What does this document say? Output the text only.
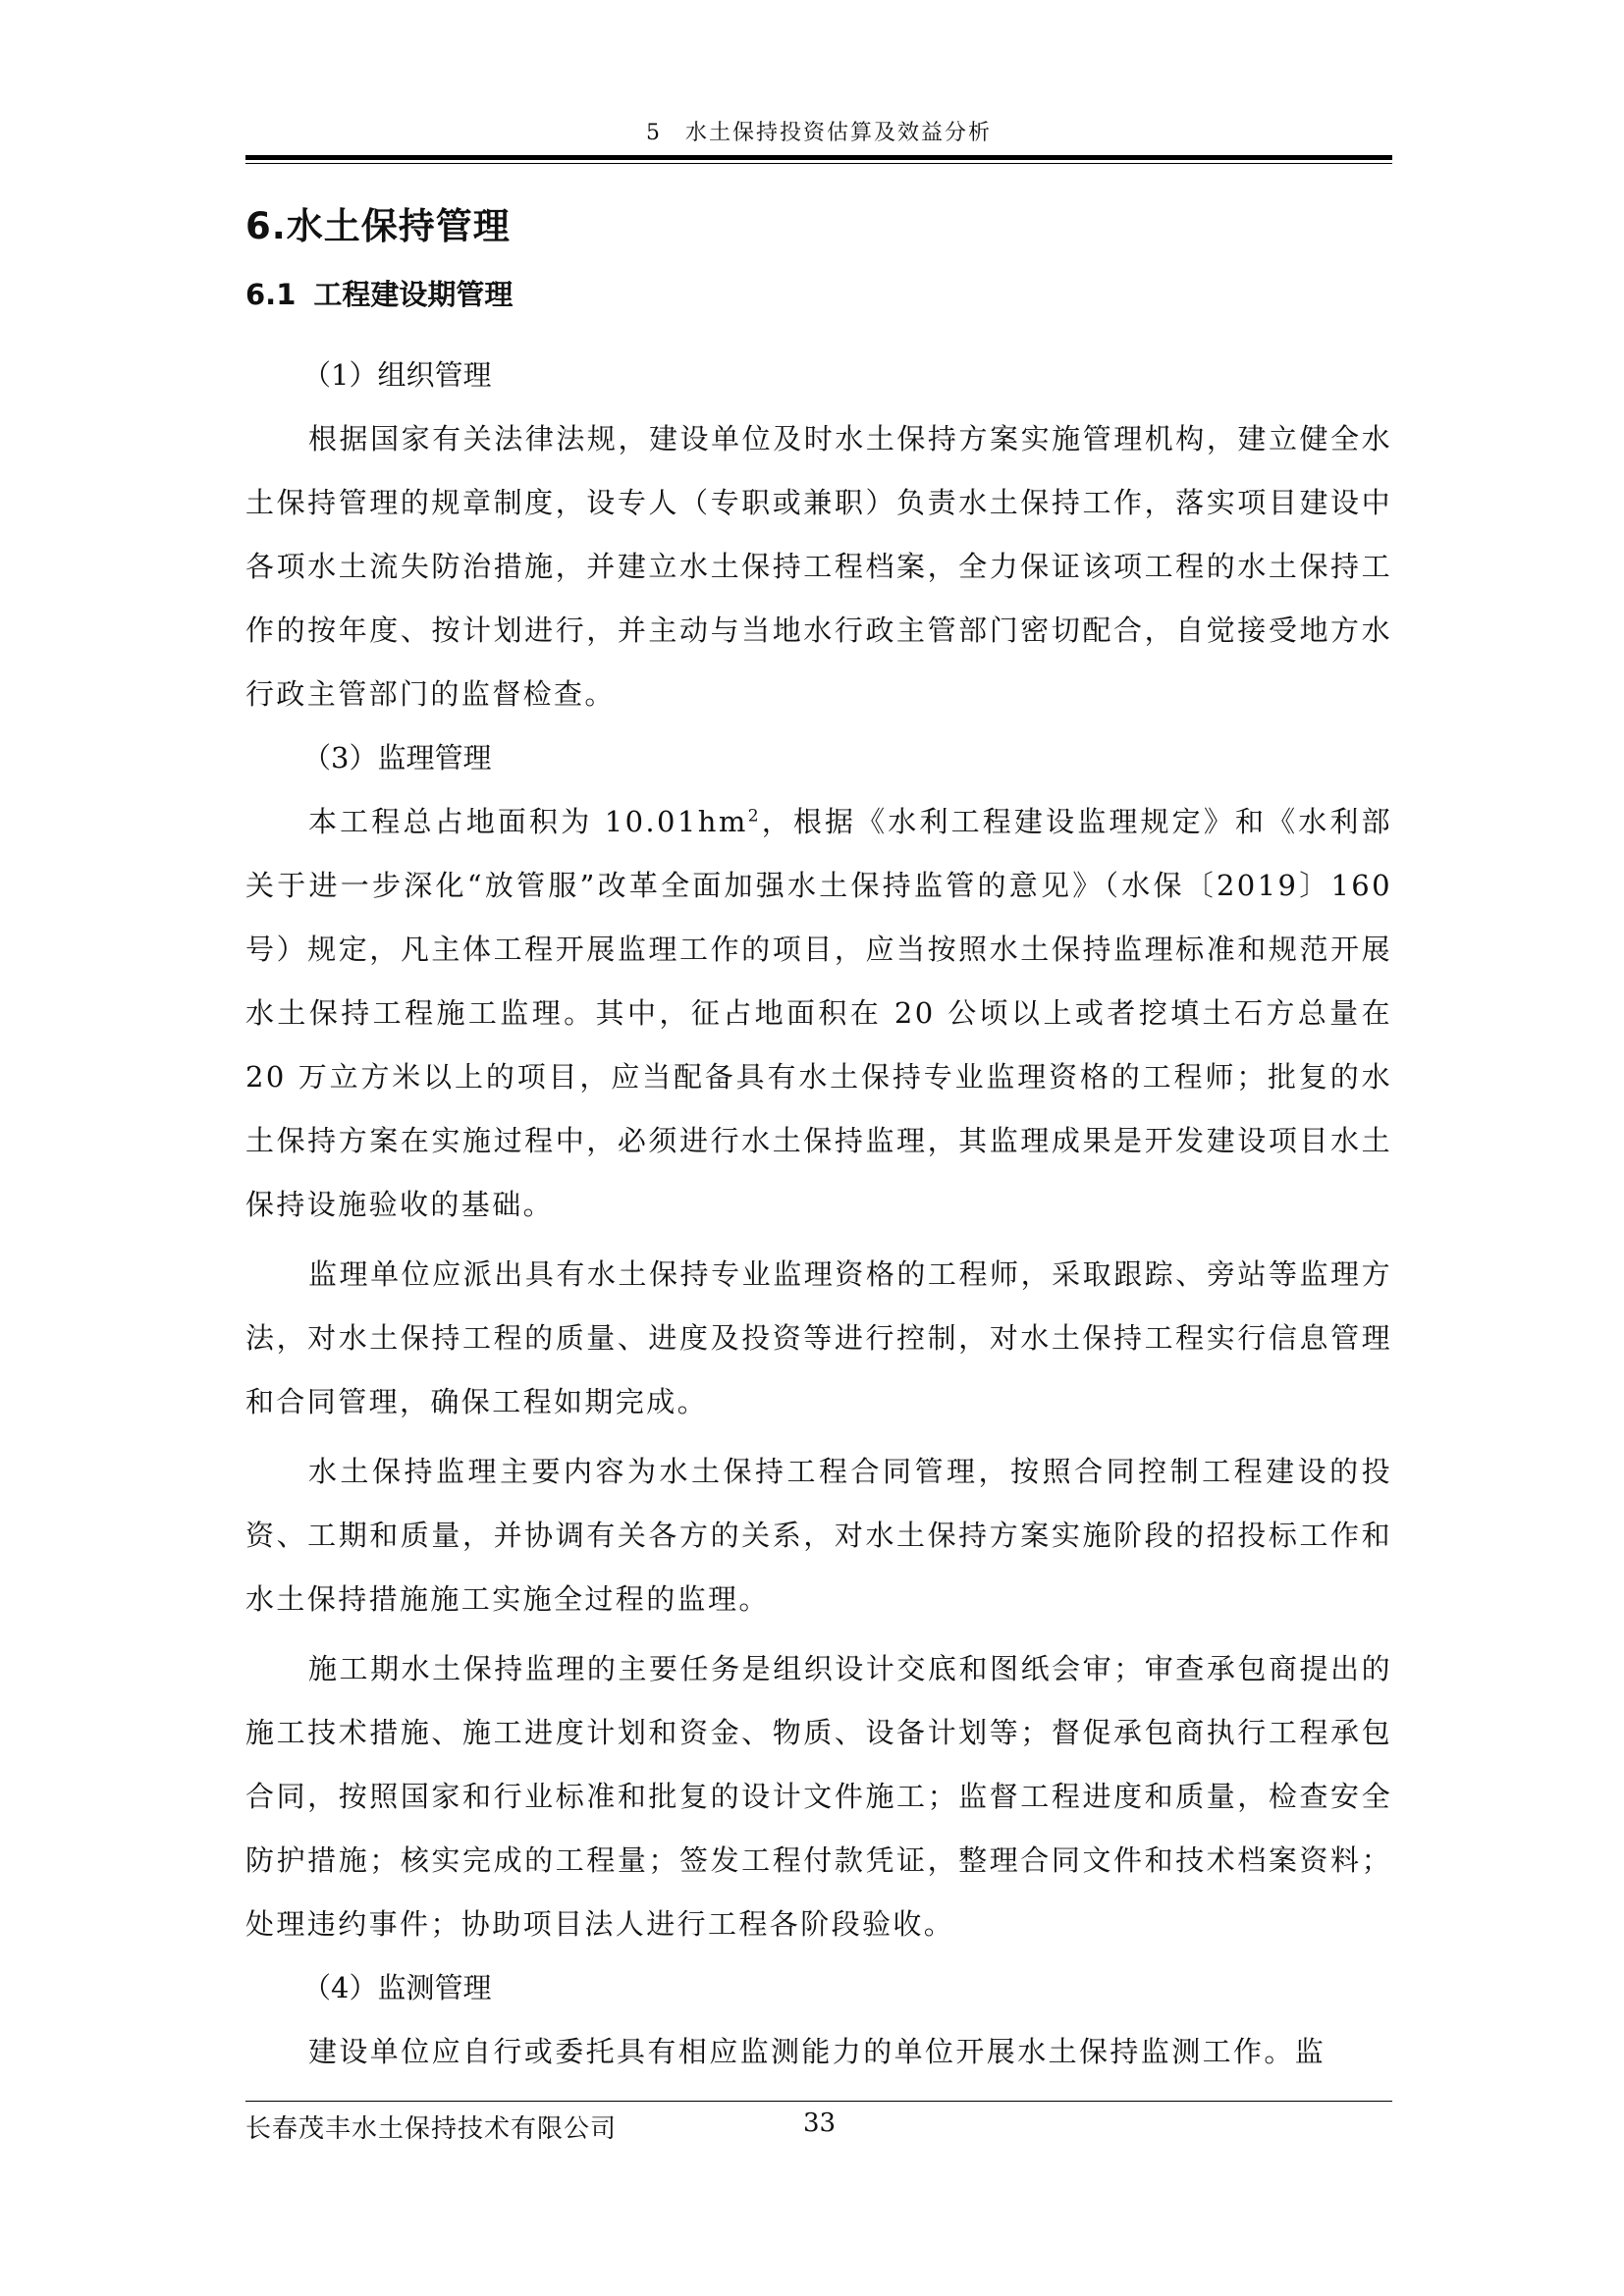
5　水土保持投资估算及效益分析
6.水土保持管理
6.1 工程建设期管理

（1）组织管理

根据国家有关法律法规，建设单位及时水土保持方案实施管理机构，建立健全水土保持管理的规章制度，设专人（专职或兼职）负责水土保持工作，落实项目建设中各项水土流失防治措施，并建立水土保持工程档案，全力保证该项工程的水土保持工作的按年度、按计划进行，并主动与当地水行政主管部门密切配合，自觉接受地方水行政主管部门的监督检查。

（3）监理管理

本工程总占地面积为 $10.01hm^2$，根据《水利工程建设监理规定》和《水利部关于进一步深化“放管服”改革全面加强水土保持监管的意见》（水保〔2019〕160号）规定，凡主体工程开展监理工作的项目，应当按照水土保持监理标准和规范开展水土保持工程施工监理。其中，征占地面积在 20 公顷以上或者挖填土石方总量在 20 万立方米以上的项目，应当配备具有水土保持专业监理资格的工程师；批复的水土保持方案在实施过程中，必须进行水土保持监理，其监理成果是开发建设项目水土保持设施验收的基础。

监理单位应派出具有水土保持专业监理资格的工程师，采取跟踪、旁站等监理方法，对水土保持工程的质量、进度及投资等进行控制，对水土保持工程实行信息管理和合同管理，确保工程如期完成。

水土保持监理主要内容为水土保持工程合同管理，按照合同控制工程建设的投资、工期和质量，并协调有关各方的关系，对水土保持方案实施阶段的招投标工作和水土保持措施施工实施全过程的监理。

施工期水土保持监理的主要任务是组织设计交底和图纸会审；审查承包商提出的施工技术措施、施工进度计划和资金、物质、设备计划等；督促承包商执行工程承包合同，按照国家和行业标准和批复的设计文件施工；监督工程进度和质量，检查安全防护措施；核实完成的工程量；签发工程付款凭证，整理合同文件和技术档案资料；处理违约事件；协助项目法人进行工程各阶段验收。

（4）监测管理

建设单位应自行或委托具有相应监测能力的单位开展水土保持监测工作。监

长春茂丰水土保持技术有限公司	33
